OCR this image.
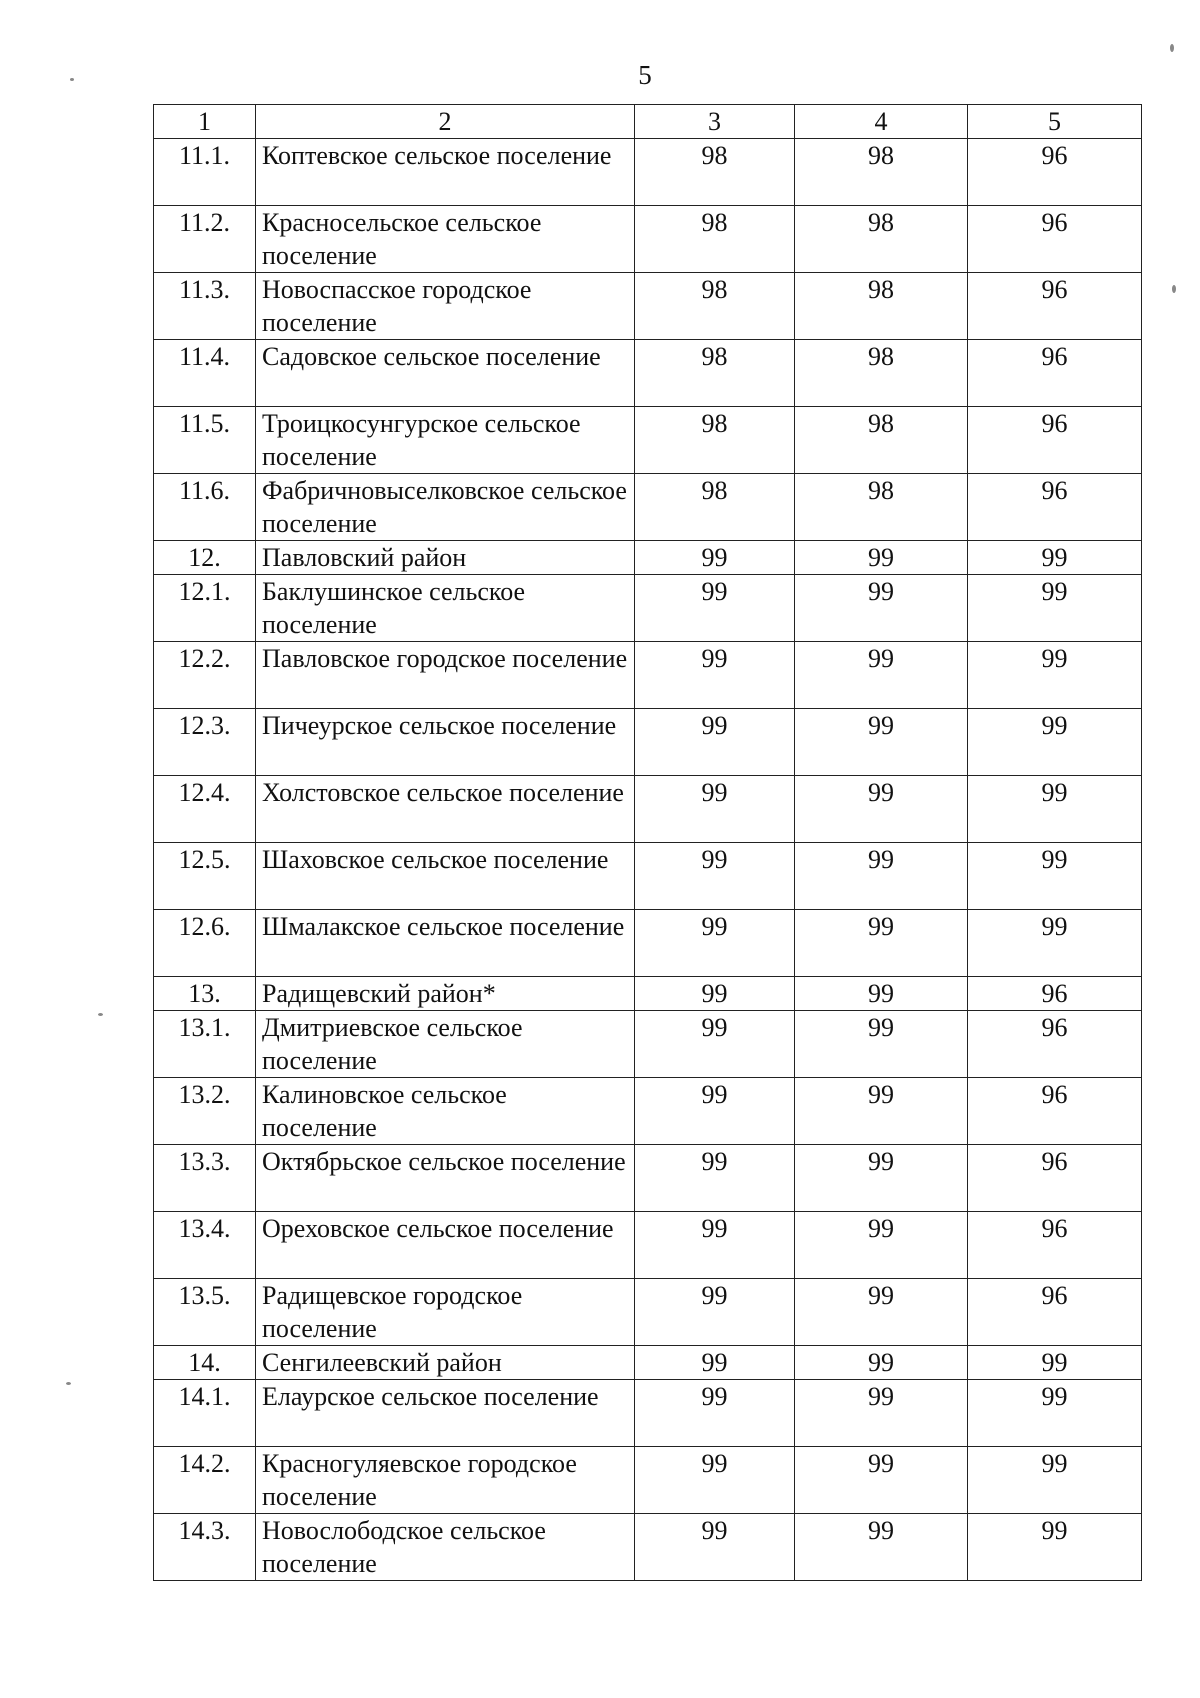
5
1	2	3	4	5
11.1.	Коптевское сельское поселение	98	98	96
11.2.	Красносельское сельское поселение	98	98	96
11.3.	Новоспасское городское поселение	98	98	96
11.4.	Садовское сельское поселение	98	98	96
11.5.	Троицкосунгурское сельское поселение	98	98	96
11.6.	Фабричновыселковское сельское поселение	98	98	96
12.	Павловский район	99	99	99
12.1.	Баклушинское сельское поселение	99	99	99
12.2.	Павловское городское поселение	99	99	99
12.3.	Пичеурское сельское поселение	99	99	99
12.4.	Холстовское сельское поселение	99	99	99
12.5.	Шаховское сельское поселение	99	99	99
12.6.	Шмалакское сельское поселение	99	99	99
13.	Радищевский район*	99	99	96
13.1.	Дмитриевское сельское поселение	99	99	96
13.2.	Калиновское сельское поселение	99	99	96
13.3.	Октябрьское сельское поселение	99	99	96
13.4.	Ореховское сельское поселение	99	99	96
13.5.	Радищевское городское поселение	99	99	96
14.	Сенгилеевский район	99	99	99
14.1.	Елаурское сельское поселение	99	99	99
14.2.	Красногуляевское городское поселение	99	99	99
14.3.	Новослободское сельское поселение	99	99	99
